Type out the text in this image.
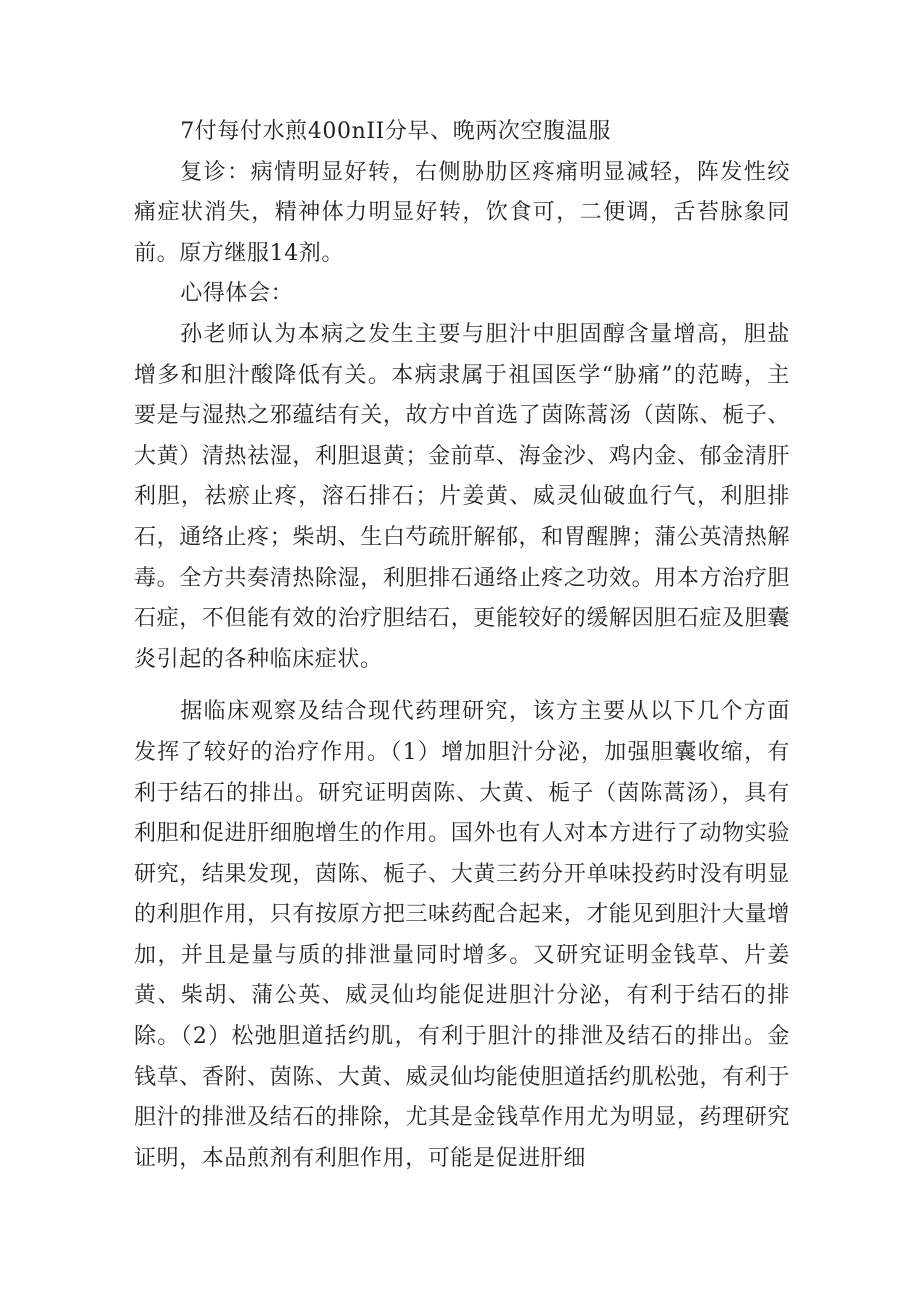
7付每付水煎400nII分早、晚两次空腹温服

复诊：病情明显好转，右侧胁肋区疼痛明显减轻，阵发性绞痛症状消失，精神体力明显好转，饮食可，二便调，舌苔脉象同前。原方继服14剂。

心得体会：

孙老师认为本病之发生主要与胆汁中胆固醇含量增高，胆盐增多和胆汁酸降低有关。本病隶属于祖国医学“胁痛”的范畴，主要是与湿热之邪蕴结有关，故方中首选了茵陈蒿汤（茵陈、栀子、大黄）清热祛湿，利胆退黄；金前草、海金沙、鸡内金、郁金清肝利胆，祛瘀止疼，溶石排石；片姜黄、威灵仙破血行气，利胆排石，通络止疼；柴胡、生白芍疏肝解郁，和胃醒脾；蒲公英清热解毒。全方共奏清热除湿，利胆排石通络止疼之功效。用本方治疗胆石症，不但能有效的治疗胆结石，更能较好的缓解因胆石症及胆囊炎引起的各种临床症状。

据临床观察及结合现代药理研究，该方主要从以下几个方面发挥了较好的治疗作用。（1）增加胆汁分泌，加强胆囊收缩，有利于结石的排出。研究证明茵陈、大黄、栀子（茵陈蒿汤），具有利胆和促进肝细胞增生的作用。国外也有人对本方进行了动物实验研究，结果发现，茵陈、栀子、大黄三药分开单味投药时没有明显的利胆作用，只有按原方把三味药配合起来，才能见到胆汁大量增加，并且是量与质的排泄量同时增多。又研究证明金钱草、片姜黄、柴胡、蒲公英、威灵仙均能促进胆汁分泌，有利于结石的排除。（2）松弛胆道括约肌，有利于胆汁的排泄及结石的排出。金钱草、香附、茵陈、大黄、威灵仙均能使胆道括约肌松弛，有利于胆汁的排泄及结石的排除，尤其是金钱草作用尤为明显，药理研究证明，本品煎剂有利胆作用，可能是促进肝细
